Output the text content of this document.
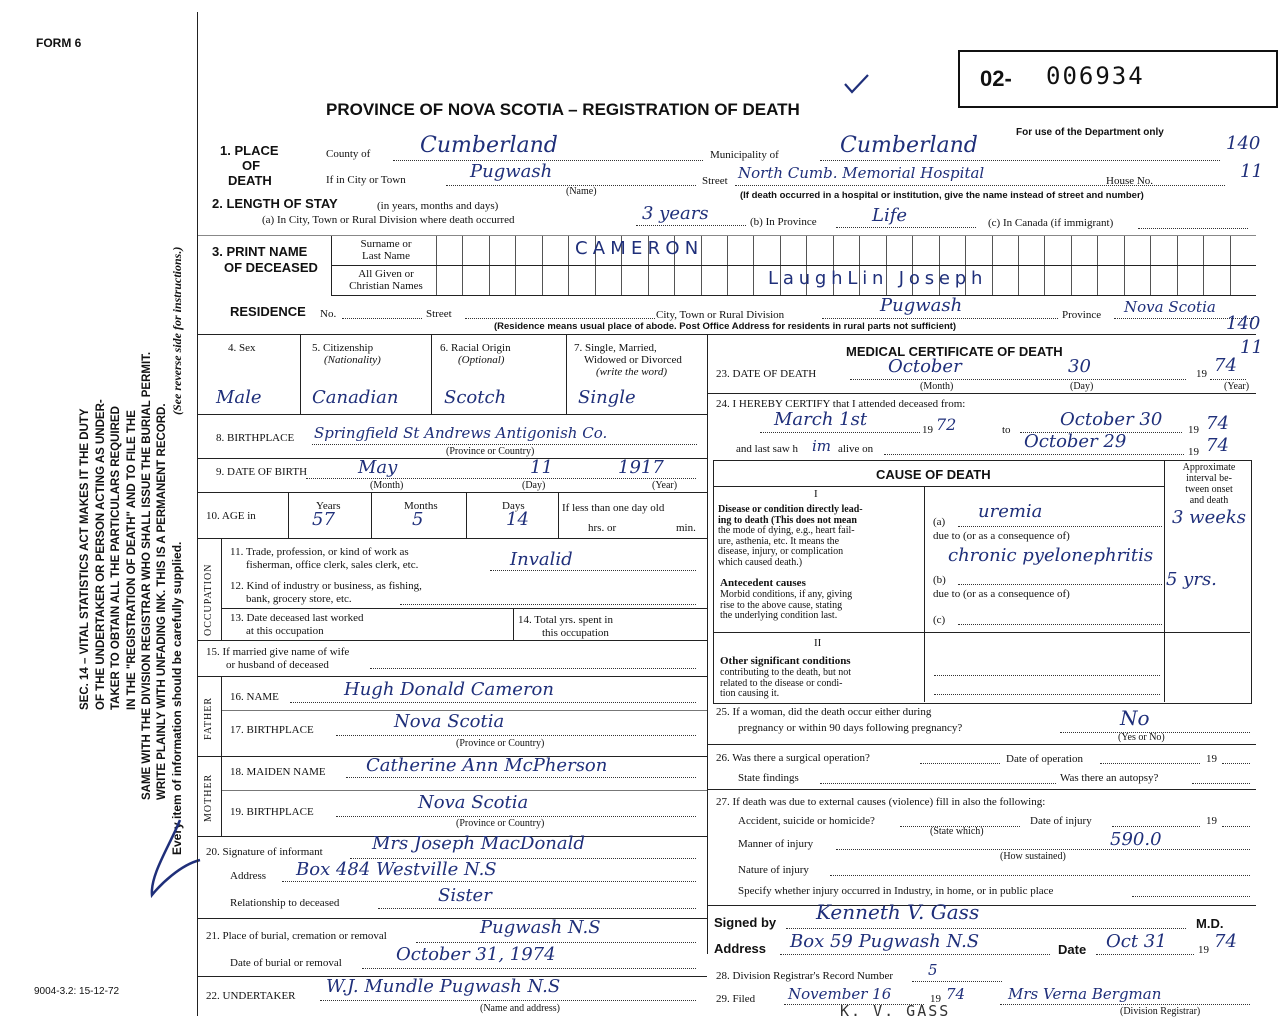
FORM 6
SEC. 14 – VITAL STATISTICS ACT MAKES IT THE DUTY OF THE UNDERTAKER OR PERSON ACTING AS UNDER- TAKER TO OBTAIN ALL THE PARTICULARS REQUIRED IN THE "REGISTRATION OF DEATH" AND TO FILE THE SAME WITH THE DIVISION REGISTRAR WHO SHALL ISSUE THE BURIAL PERMIT. WRITE PLAINLY WITH UNFADING INK. THIS IS A PERMANENT RECORD. Every item of information should be carefully supplied.
(See reverse side for instructions.)
9004-3.2: 15-12-72
02- 006934
PROVINCE OF NOVA SCOTIA – REGISTRATION OF DEATH
For use of the Department only
140
11
1. PLACE
OF
DEATH
County of Cumberland	Municipality of	Cumberland
If in City or Town	Pugwash
(Name)
Street North Cumb. Memorial Hospital	House No.
(If death occurred in a hospital or institution, give the name instead of street and number)
2. LENGTH OF STAY	(in years, months and days)
(a) In City, Town or Rural Division where death occurred	3 years	(b) In Province	Life	(c) In Canada (if immigrant)
3. PRINT NAME
OF DECEASED
Surname or
Last Name
All Given or
Christian Names
CAMERON
LaughLin Joseph
RESIDENCE No.	Street	City, Town or Rural Division	Pugwash	Province Nova Scotia
(Residence means usual place of abode. Post Office Address for residents in rural parts not sufficient)	140
11
4. Sex	5. Citizenship
(Nationality)
6. Racial Origin
(Optional)
7. Single, Married,
Widowed or Divorced
(write the word)
Male	Canadian	Scotch	Single
8. BIRTHPLACE Springfield St Andrews Antigonish Co.
(Province or Country)
9. DATE OF BIRTH	May	11	1917
(Month)	(Day)	(Year)
10. AGE in
Years	Months	Days	If less than one day old
hrs. or	min.
57	5	14
OCCUPATION
11. Trade, profession, or kind of work as
fisherman, office clerk, sales clerk, etc.	Invalid
12. Kind of industry or business, as fishing,
bank, grocery store, etc.
13. Date deceased last worked
at this occupation
14. Total yrs. spent in
this occupation
15. If married give name of wife
or husband of deceased
FATHER 16. NAME	Hugh Donald Cameron
17. BIRTHPLACE	Nova Scotia
(Province or Country)
MOTHER
18. MAIDEN NAME Catherine Ann McPherson
19. BIRTHPLACE	Nova Scotia
(Province or Country)
20. Signature of informant	Mrs Joseph MacDonald
Address Box 484 Westville N.S
Relationship to deceased	Sister
21. Place of burial, cremation or removal	Pugwash N.S
Date of burial or removal	October 31, 1974
22. UNDERTAKER W.J. Mundle Pugwash N.S
(Name and address)
MEDICAL CERTIFICATE OF DEATH
23. DATE OF DEATH	October	30	19 74
(Month)	(Day)	(Year)
24. I HEREBY CERTIFY that I attended deceased from:
March 1st	19 72	to	October 30 19 74
and last saw h im alive on	October 29	19 74
CAUSE OF DEATH	Approximate
interval be-
tween onset
and death
I
Disease or condition directly lead-
ing to death (This does not mean
the mode of dying, e.g., heart fail-
ure, asthenia, etc. It means the
disease, injury, or complication
which caused death.)
(a) uremia	3 weeks
due to (or as a consequence of)
Antecedent causes
Morbid conditions, if any, giving
rise to the above cause, stating
the underlying condition last.
chronic pyelonephritis
(b)	5 yrs.
due to (or as a consequence of)
(c)
II
Other significant conditions
contributing to the death, but not
related to the disease or condi-
tion causing it.
25. If a woman, did the death occur either during
pregnancy or within 90 days following pregnancy?	No
(Yes or No)
26. Was there a surgical operation?	Date of operation	19
State findings	Was there an autopsy?
27. If death was due to external causes (violence) fill in also the following:
Accident, suicide or homicide?
(State which)
Date of injury	19
Manner of injury
(How sustained)
590.0
Nature of injury
Specify whether injury occurred in Industry, in home, or in public place
Signed by Kenneth V. Gass	M.D.
Address Box 59 Pugwash N.S	Date Oct 31	19 74
28. Division Registrar's Record Number 5
29. Filed November 16	19 74	Mrs Verna Bergman
(Division Registrar)
K. V. GASS
